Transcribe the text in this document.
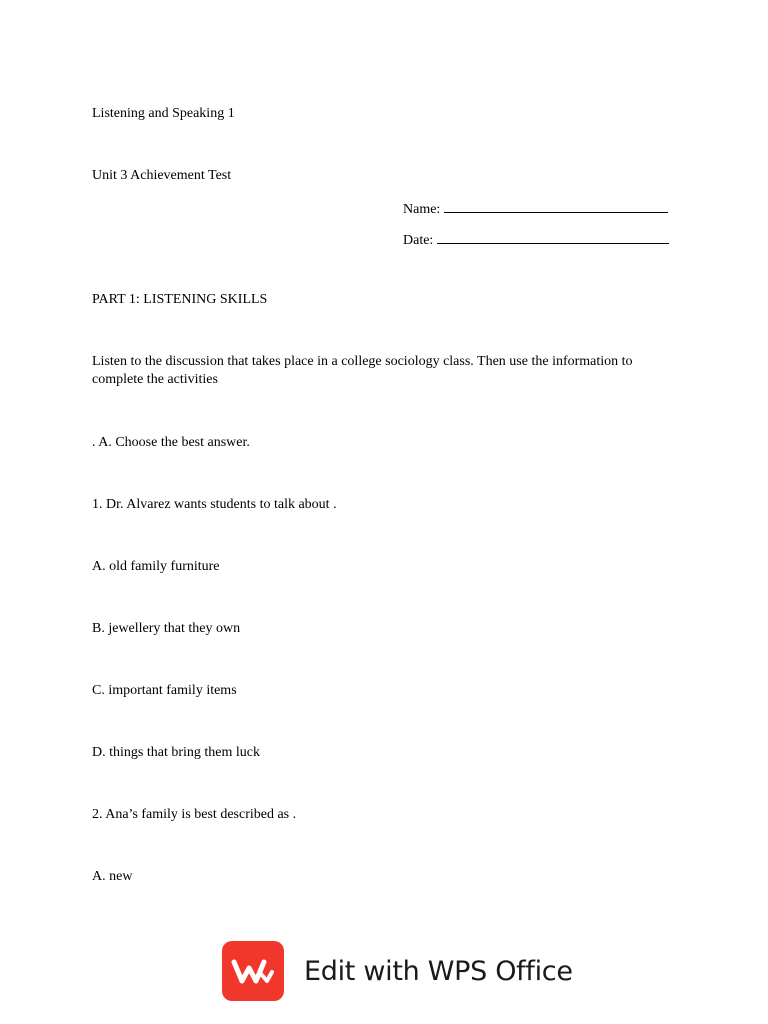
Listening and Speaking 1
Unit 3 Achievement Test
Name:
Date:
PART 1: LISTENING SKILLS
Listen to the discussion that takes place in a college sociology class. Then use the information to complete the activities
. A. Choose the best answer.
1. Dr. Alvarez wants students to talk about .
A. old family furniture
B. jewellery that they own
C. important family items
D. things that bring them luck
2. Ana’s family is best described as .
A. new
Edit with WPS Office
